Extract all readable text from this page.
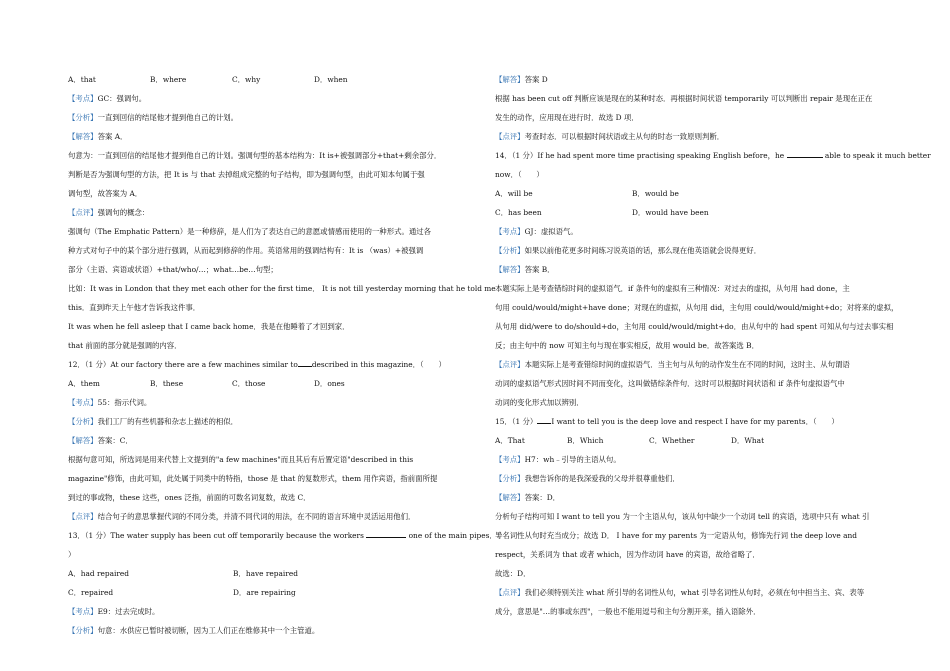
A．that	B．where	C．why	D．when
【考点】GC：强调句。
【分析】一直到回信的结尾他才提到他自己的计划。
【解答】答案 A．
句意为：一直到回信的结尾他才提到他自己的计划。强调句型的基本结构为：It is+被强调部分+that+剩余部分．
判断是否为强调句型的方法，把 It is 与 that 去掉组成完整的句子结构，即为强调句型，由此可知本句属于强
调句型，故答案为 A．
【点评】强调句的概念：
强调句（The Emphatic Pattern）是一种修辞，是人们为了表达自己的意愿或情感而使用的一种形式。通过各
种方式对句子中的某个部分进行强调，从而起到修辞的作用。英语常用的强调结构有：It is （was）+被强调
部分（主语、宾语或状语）+that/who/…；what…be…句型；
比如：It was in London that they met each other for the first time． It is not till yesterday morning that he told me
this．直到昨天上午他才告诉我这件事．
It was when he fell asleep that I came back home．我是在他睡着了才回到家．
that 前面的部分就是强调的内容．
12．（1 分）At our factory there are a few machines similar to described in this magazine．（　　）
A．them	B．these	C．those	D．ones
【考点】55：指示代词。
【分析】我们工厂的有些机器和杂志上描述的相似．
【解答】答案：C．
根据句意可知，所选词是用来代替上文提到的"a few machines"而且其后有后置定语"described in this
magazine"修饰，由此可知，此处属于同类中的特指，those 是 that 的复数形式，them 用作宾语，指前面所提
到过的事或物，these 这些，ones 泛指，前面的可数名词复数，故选 C．
【点评】结合句子的意思掌握代词的不同分类，并清不同代词的用法，在不同的语言环境中灵活运用他们．
13．（1 分）The water supply has been cut off temporarily because the workers	one of the main pipes．（
）
A．had repaired	B．have repaired
C．repaired	D．are repairing
【考点】E9：过去完成时。
【分析】句意：水供应已暂时被切断，因为工人们正在维修其中一个主管道。
【解答】答案 D
根据 has been cut off 判断应该是现在的某种时态．再根据时间状语 temporarily 可以判断出 repair 是现在正在
发生的动作，应用现在进行时．故选 D 项．
【点评】考查时态．可以根据时间状语或主从句的时态一致原则判断．
14．（1 分）If he had spent more time practising speaking English before，he	able to speak it much better
now．（　　）
A．will be	B．would be
C．has been	D．would have been
【考点】GJ：虚拟语气。
【分析】如果以前他花更多时间练习说英语的话，那么现在他英语就会说得更好．
【解答】答案 B．
本题实际上是考查错综时间的虚拟语气．if 条件句的虚拟有三种情况：对过去的虚拟，从句用 had done，主
句用 could/would/might+have done；对现在的虚拟，从句用 did，主句用 could/would/might+do；对将来的虚拟，
从句用 did/were to do/should+do，主句用 could/would/might+do．由从句中的 had spent 可知从句与过去事实相
反；由主句中的 now 可知主句与现在事实相反，故用 would be．故答案选 B．
【点评】本题实际上是考查错综时间的虚拟语气．当主句与从句的动作发生在不同的时间，这时主、从句谓语
动词的虚拟语气形式因时间不同而变化，这叫做错综条件句．这时可以根据时间状语和 if 条件句虚拟语气中
动词的变化形式加以辨别．
15．（1 分） I want to tell you is the deep love and respect I have for my parents．（　　）
A．That	B．Which	C．Whether	D．What
【考点】H7：wh﹣引导的主语从句。
【分析】我想告诉你的是我深爱我的父母并很尊重他们．
【解答】答案：D．
分析句子结构可知 I want to tell you 为一个主语从句，该从句中缺少一个动词 tell 的宾语，选项中只有 what 引
导名词性从句时充当成分；故选 D． I have for my parents 为一定语从句，修饰先行词 the deep love and
respect，关系词为 that 或者 which，因为作动词 have 的宾语，故给省略了．
故选：D．
【点评】我们必须特别关注 what 所引导的名词性从句，what 引导名词性从句时，必须在句中担当主、宾、表等
成分，意思是"…的事或东西"，一般也不能用逗号和主句分割开来，插入语除外．
